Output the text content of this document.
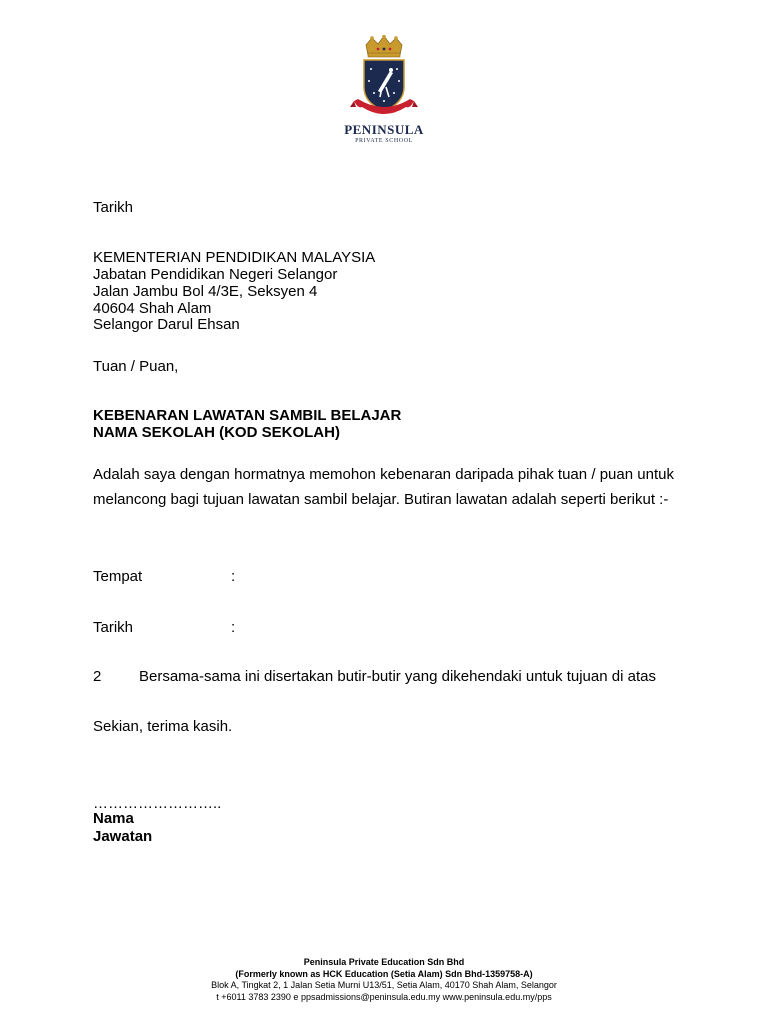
PENINSULA
PRIVATE SCHOOL
Tarikh
KEMENTERIAN PENDIDIKAN MALAYSIA
Jabatan Pendidikan Negeri Selangor
Jalan Jambu Bol 4/3E, Seksyen 4
40604 Shah Alam
Selangor Darul Ehsan
Tuan / Puan,
KEBENARAN LAWATAN SAMBIL BELAJAR
NAMA SEKOLAH (KOD SEKOLAH)
Adalah saya dengan hormatnya memohon kebenaran daripada pihak tuan / puan untuk melancong bagi tujuan lawatan sambil belajar. Butiran lawatan adalah seperti berikut :-
Tempat	:
Tarikh	:
2	Bersama-sama ini disertakan butir-butir yang dikehendaki untuk tujuan di atas
Sekian, terima kasih.
……………………..
Nama
Jawatan
Peninsula Private Education Sdn Bhd
(Formerly known as HCK Education (Setia Alam) Sdn Bhd-1359758-A)
Blok A, Tingkat 2, 1 Jalan Setia Murni U13/51, Setia Alam, 40170 Shah Alam, Selangor
t +6011 3783 2390 e ppsadmissions@peninsula.edu.my www.peninsula.edu.my/pps
